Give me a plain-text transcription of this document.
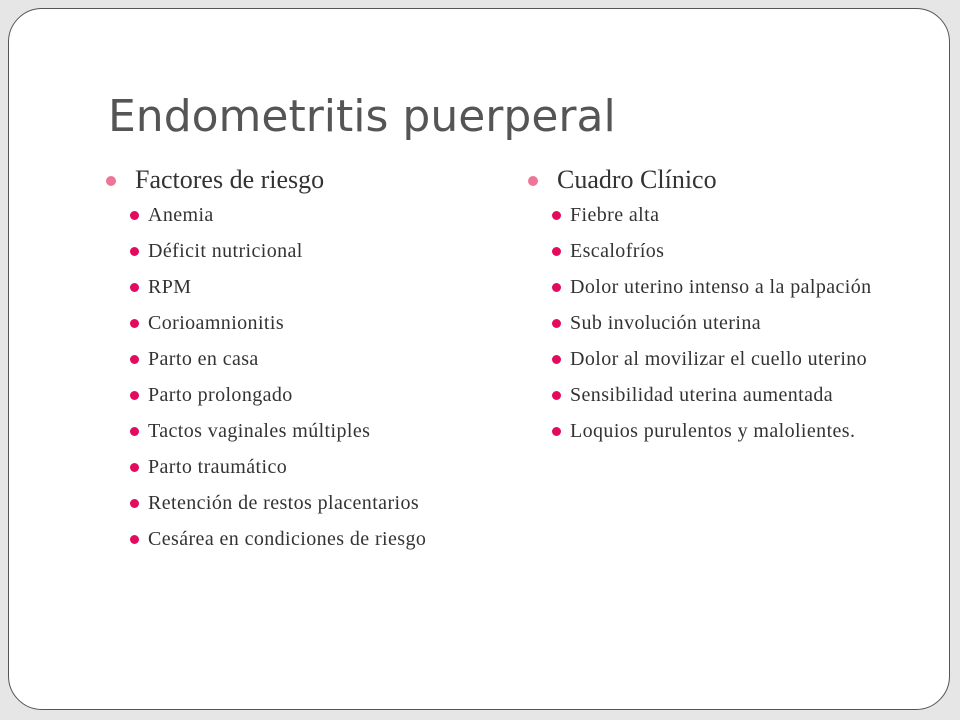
Endometritis puerperal
Factores de riesgo
Anemia
Déficit nutricional
RPM
Corioamnionitis
Parto en casa
Parto prolongado
Tactos vaginales múltiples
Parto traumático
Retención de restos placentarios
Cesárea en condiciones de riesgo
Cuadro Clínico
Fiebre alta
Escalofríos
Dolor uterino intenso a la palpación
Sub involución uterina
Dolor al movilizar el cuello uterino
Sensibilidad uterina aumentada
Loquios purulentos y malolientes.
